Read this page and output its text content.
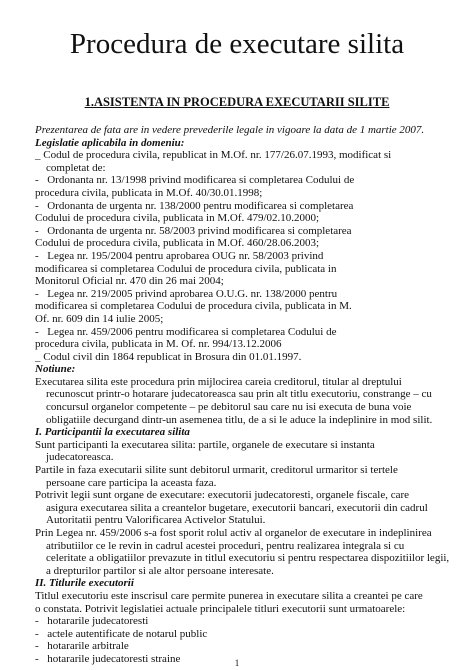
Procedura de executare silita
1.ASISTENTA IN PROCEDURA EXECUTARII SILITE
Prezentarea de fata are in vedere prevederile legale in vigoare la data de 1 martie 2007.
Legislatie aplicabila in domeniu:
_ Codul de procedura civila, republicat in M.Of. nr. 177/26.07.1993, modificat si
completat de:
- Ordonanta nr. 13/1998 privind modificarea si completarea Codului de
procedura civila, publicata in M.Of. 40/30.01.1998;
- Ordonanta de urgenta nr. 138/2000 pentru modificarea si completarea
Codului de procedura civila, publicata in M.Of. 479/02.10.2000;
- Ordonanta de urgenta nr. 58/2003 privind modificarea si completarea
Codului de procedura civila, publicata in M.Of. 460/28.06.2003;
- Legea nr. 195/2004 pentru aprobarea OUG nr. 58/2003 privind
modificarea si completarea Codului de procedura civila, publicata in
Monitorul Oficial nr. 470 din 26 mai 2004;
- Legea nr. 219/2005 privind aprobarea O.U.G. nr. 138/2000 pentru
modificarea si completarea Codului de procedura civila, publicata in M.
Of. nr. 609 din 14 iulie 2005;
- Legea nr. 459/2006 pentru modificarea si completarea Codului de
procedura civila, publicata in M. Of. nr. 994/13.12.2006
_ Codul civil din 1864 republicat in Brosura din 01.01.1997.
Notiune:
Executarea silita este procedura prin mijlocirea careia creditorul, titular al dreptului
recunoscut printr-o hotarare judecatoreasca sau prin alt titlu executoriu, constrange – cu
concursul organelor competente – pe debitorul sau care nu isi executa de buna voie
obligatiile decurgand dintr-un asemenea titlu, de a si le aduce la indeplinire in mod silit.
I. Participantii la executarea silita
Sunt participanti la executarea silita: partile, organele de executare si instanta
judecatoreasca.
Partile in faza executarii silite sunt debitorul urmarit, creditorul urmaritor si tertele
persoane care participa la aceasta faza.
Potrivit legii sunt organe de executare: executorii judecatoresti, organele fiscale, care
asigura executarea silita a creantelor bugetare, executorii bancari, executorii din cadrul
Autoritatii pentru Valorificarea Activelor Statului.
Prin Legea nr. 459/2006 s-a fost sporit rolul activ al organelor de executare in indeplinirea
atributiilor ce le revin in cadrul acestei proceduri, pentru realizarea integrala si cu
celeritate a obligatiilor prevazute in titlul executoriu si pentru respectarea dispozitiilor legii,
a drepturilor partilor si ale altor persoane interesate.
II. Titlurile executorii
Titlul executoriu este inscrisul care permite punerea in executare silita a creantei pe care
o constata. Potrivit legislatiei actuale principalele titluri executorii sunt urmatoarele:
- hotararile judecatoresti
- actele autentificate de notarul public
- hotararile arbitrale
- hotararile judecatoresti straine	1
